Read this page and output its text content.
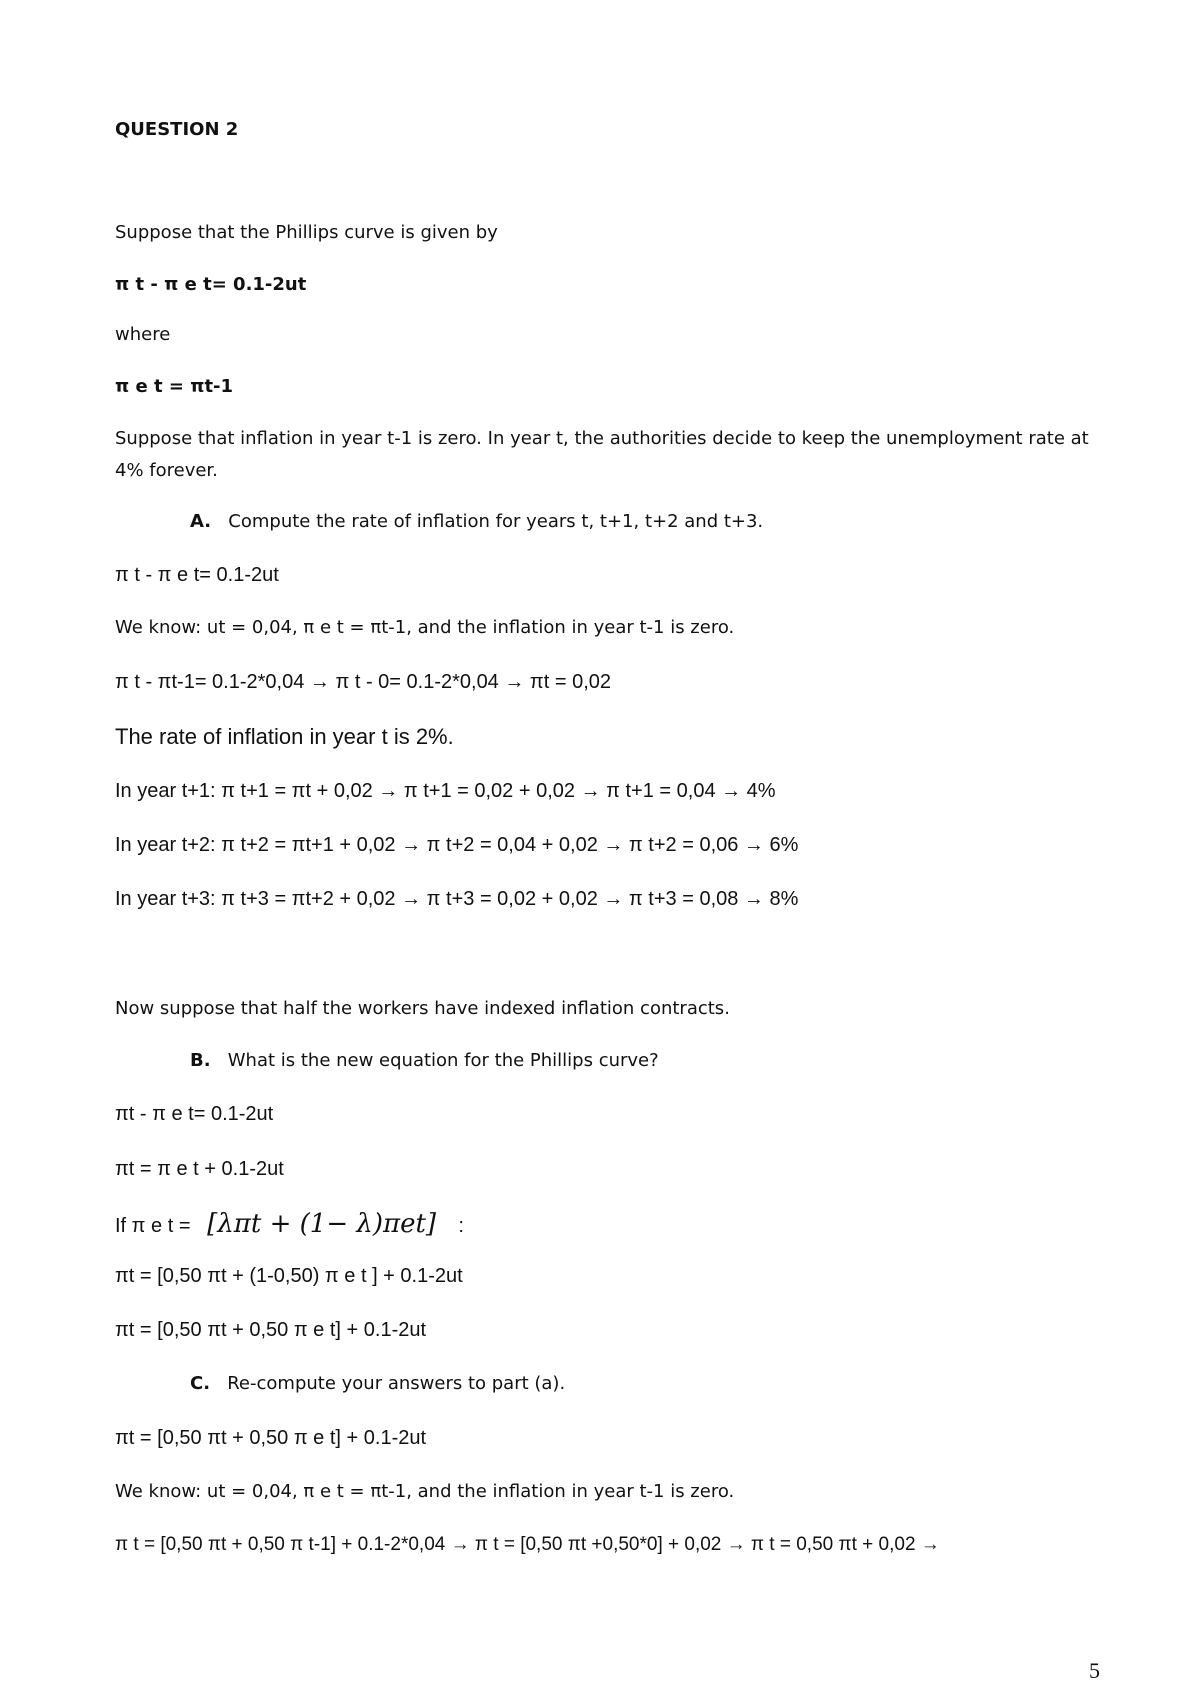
QUESTION 2
Suppose that the Phillips curve is given by
π t - π e t= 0.1-2ut
where
π e t = πt-1
Suppose that inflation in year t-1 is zero. In year t, the authorities decide to keep the unemployment rate at
4% forever.
A. Compute the rate of inflation for years t, t+1, t+2 and t+3.
π t - π e t= 0.1-2ut
We know: ut = 0,04, π e t = πt-1, and the inflation in year t-1 is zero.
π t - πt-1= 0.1-2*0,04 → π t - 0= 0.1-2*0,04 → πt = 0,02
The rate of inflation in year t is 2%.
In year t+1: π t+1 = πt + 0,02 → π t+1 = 0,02 + 0,02 → π t+1 = 0,04 → 4%
In year t+2: π t+2 = πt+1 + 0,02 → π t+2 = 0,04 + 0,02 → π t+2 = 0,06 → 6%
In year t+3: π t+3 = πt+2 + 0,02 → π t+3 = 0,02 + 0,02 → π t+3 = 0,08 → 8%
Now suppose that half the workers have indexed inflation contracts.
B. What is the new equation for the Phillips curve?
πt - π e t= 0.1-2ut
πt = π e t + 0.1-2ut
If π e t = [λπt + (1− λ)πet] :
πt = [0,50 πt + (1-0,50) π e t ] + 0.1-2ut
πt = [0,50 πt + 0,50 π e t] + 0.1-2ut
C. Re-compute your answers to part (a).
πt = [0,50 πt + 0,50 π e t] + 0.1-2ut
We know: ut = 0,04, π e t = πt-1, and the inflation in year t-1 is zero.
π t = [0,50 πt + 0,50 π t-1] + 0.1-2*0,04 → π t = [0,50 πt +0,50*0] + 0,02 → π t = 0,50 πt + 0,02 →
5
